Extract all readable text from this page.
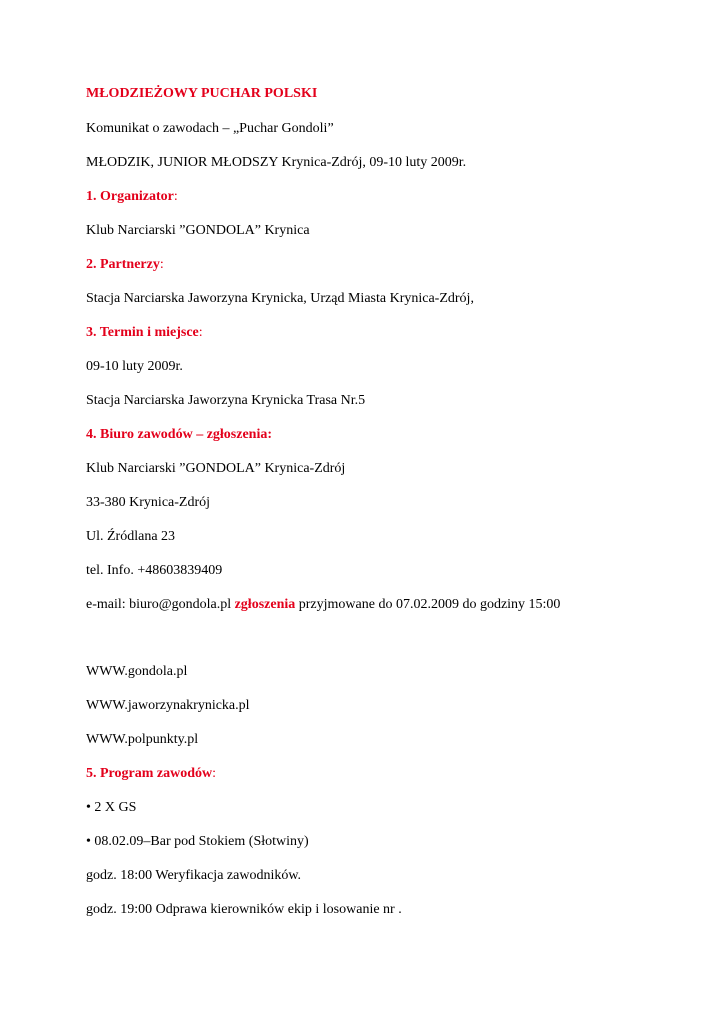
MŁODZIEŻOWY PUCHAR POLSKI
Komunikat o zawodach – „Puchar Gondoli”
MŁODZIK, JUNIOR MŁODSZY Krynica-Zdrój, 09-10 luty 2009r.
1. Organizator:
Klub Narciarski ”GONDOLA” Krynica
2. Partnerzy:
Stacja Narciarska Jaworzyna Krynicka, Urząd Miasta Krynica-Zdrój,
3. Termin i miejsce:
09-10 luty 2009r.
Stacja Narciarska Jaworzyna Krynicka Trasa Nr.5
4. Biuro zawodów – zgłoszenia:
Klub Narciarski ”GONDOLA” Krynica-Zdrój
33-380 Krynica-Zdrój
Ul. Źródlana 23
tel. Info. +48603839409
e-mail: biuro@gondola.pl zgłoszenia przyjmowane do 07.02.2009 do godziny 15:00
WWW.gondola.pl
WWW.jaworzynakrynicka.pl
WWW.polpunkty.pl
5. Program zawodów:
• 2 X GS
• 08.02.09–Bar pod Stokiem (Słotwiny)
godz. 18:00 Weryfikacja zawodników.
godz. 19:00 Odprawa kierowników ekip i losowanie nr .
